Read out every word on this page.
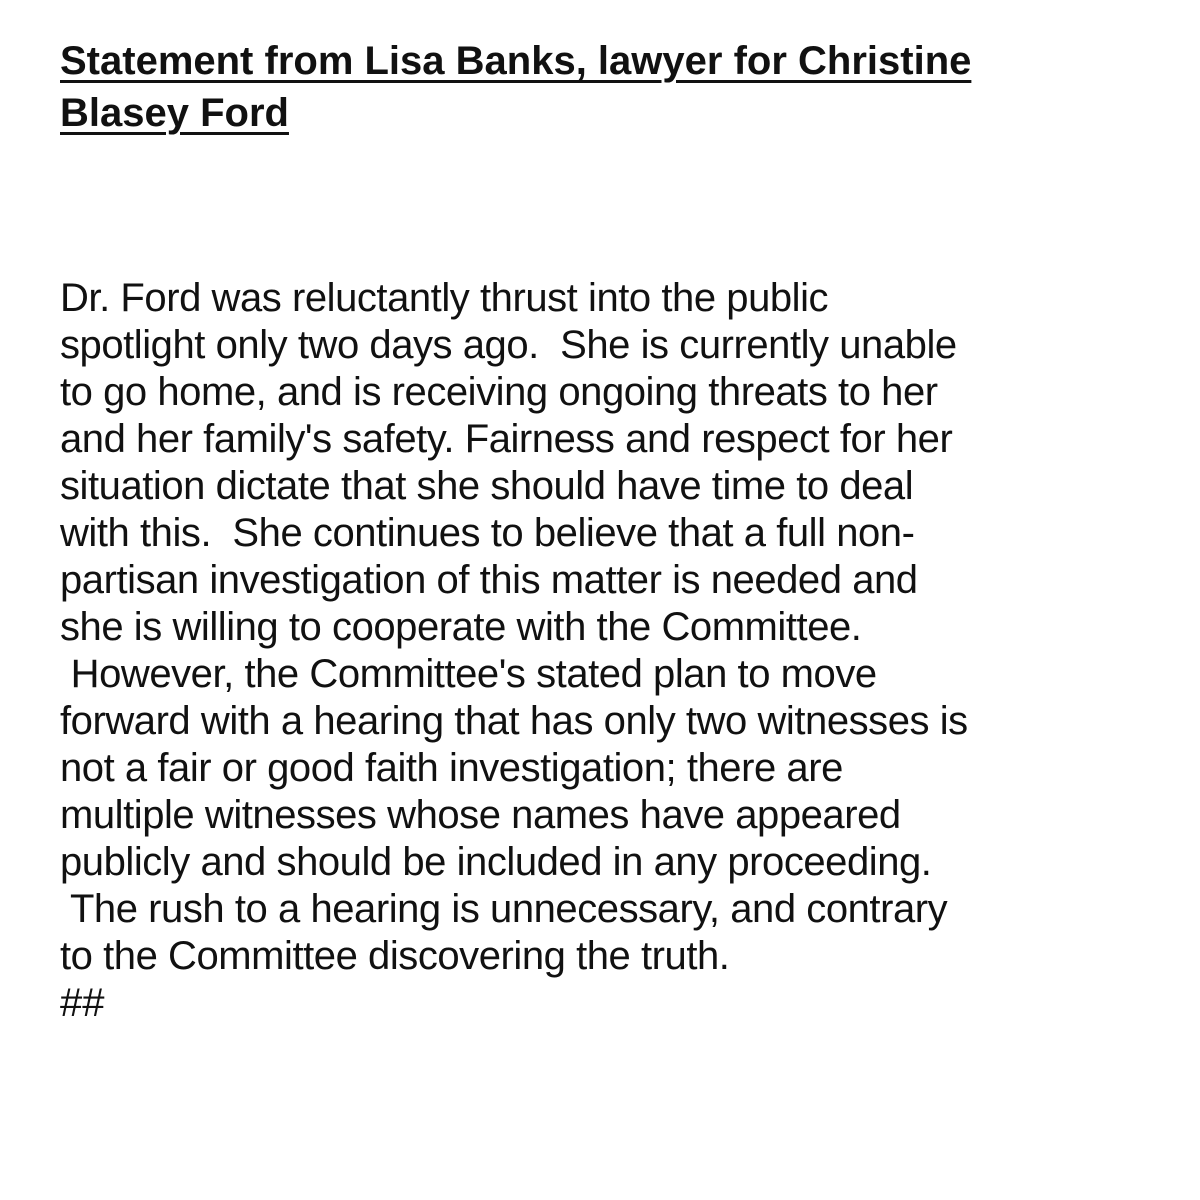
Statement from Lisa Banks, lawyer for Christine
Blasey Ford
Dr. Ford was reluctantly thrust into the public
spotlight only two days ago.  She is currently unable
to go home, and is receiving ongoing threats to her
and her family's safety. Fairness and respect for her
situation dictate that she should have time to deal
with this.  She continues to believe that a full non-
partisan investigation of this matter is needed and
she is willing to cooperate with the Committee.
However, the Committee's stated plan to move
forward with a hearing that has only two witnesses is
not a fair or good faith investigation; there are
multiple witnesses whose names have appeared
publicly and should be included in any proceeding.
The rush to a hearing is unnecessary, and contrary
to the Committee discovering the truth.
##
